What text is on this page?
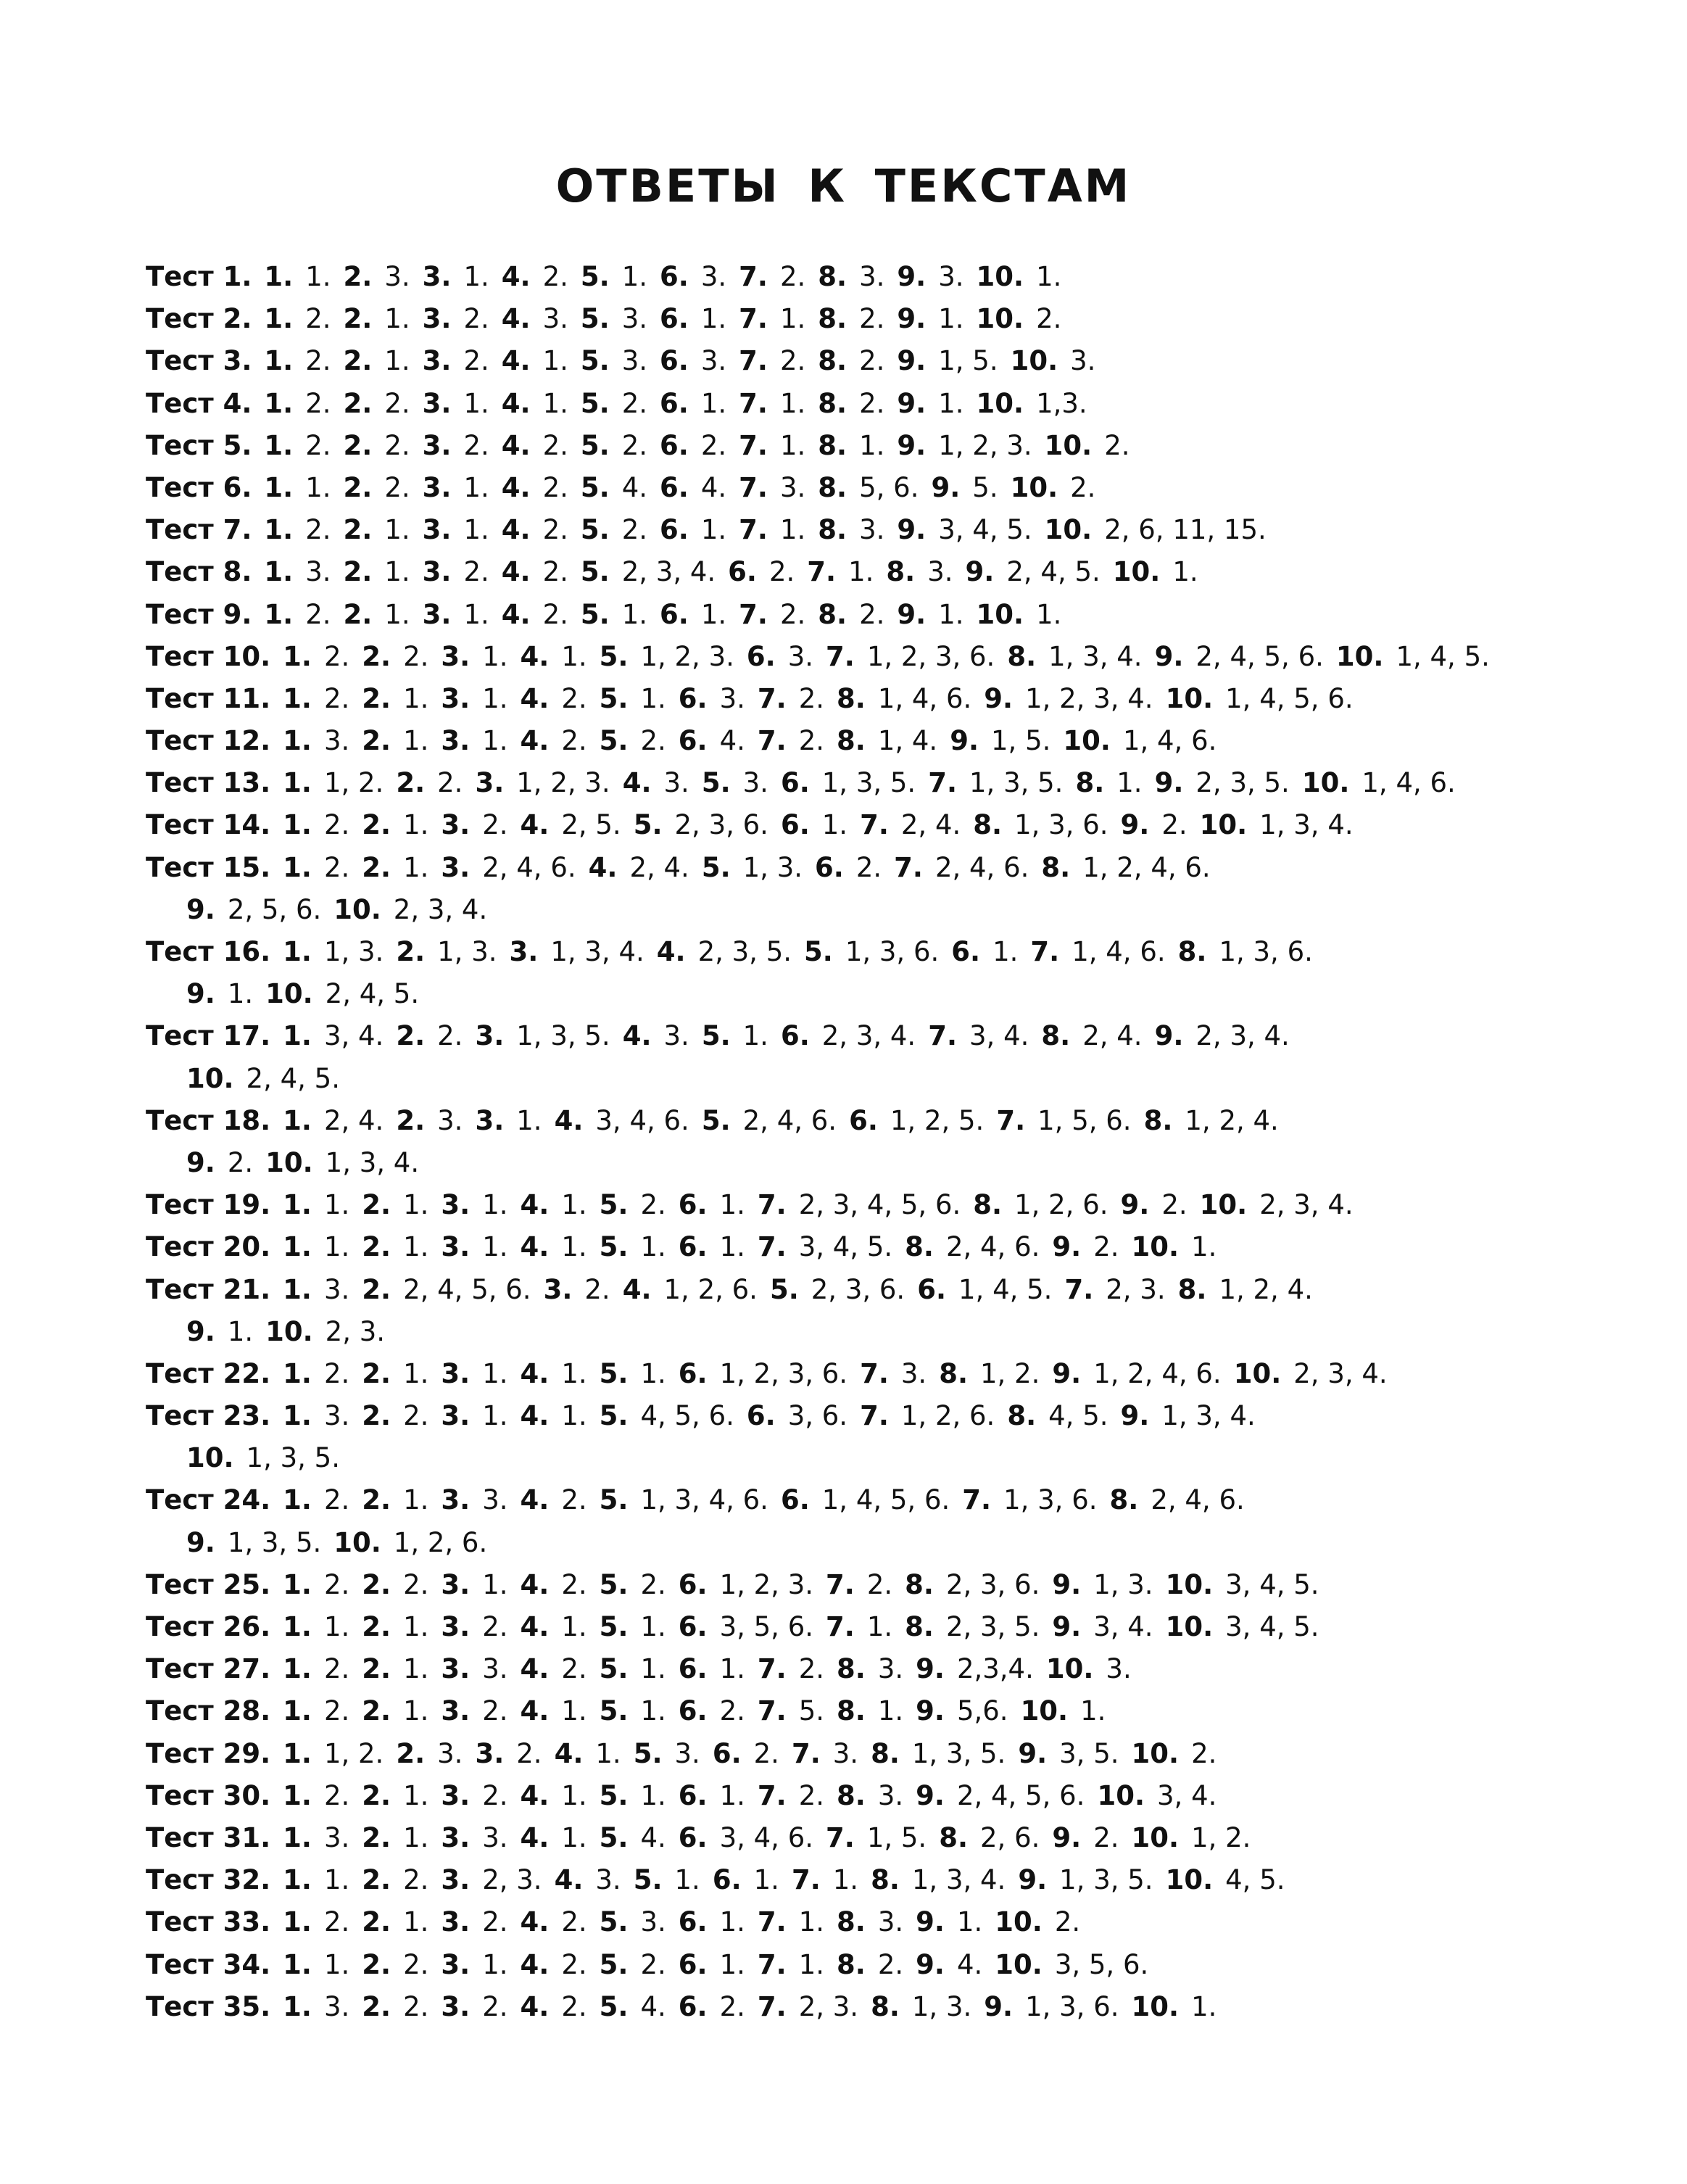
ОТВЕТЫ К ТЕКСТАМ
Тест 1. 1. 1. 2. 3. 3. 1. 4. 2. 5. 1. 6. 3. 7. 2. 8. 3. 9. 3. 10. 1.
Тест 2. 1. 2. 2. 1. 3. 2. 4. 3. 5. 3. 6. 1. 7. 1. 8. 2. 9. 1. 10. 2.
Тест 3. 1. 2. 2. 1. 3. 2. 4. 1. 5. 3. 6. 3. 7. 2. 8. 2. 9. 1, 5. 10. 3.
Тест 4. 1. 2. 2. 2. 3. 1. 4. 1. 5. 2. 6. 1. 7. 1. 8. 2. 9. 1. 10. 1,3.
Тест 5. 1. 2. 2. 2. 3. 2. 4. 2. 5. 2. 6. 2. 7. 1. 8. 1. 9. 1, 2, 3. 10. 2.
Тест 6. 1. 1. 2. 2. 3. 1. 4. 2. 5. 4. 6. 4. 7. 3. 8. 5, 6. 9. 5. 10. 2.
Тест 7. 1. 2. 2. 1. 3. 1. 4. 2. 5. 2. 6. 1. 7. 1. 8. 3. 9. 3, 4, 5. 10. 2, 6, 11, 15.
Тест 8. 1. 3. 2. 1. 3. 2. 4. 2. 5. 2, 3, 4. 6. 2. 7. 1. 8. 3. 9. 2, 4, 5. 10. 1.
Тест 9. 1. 2. 2. 1. 3. 1. 4. 2. 5. 1. 6. 1. 7. 2. 8. 2. 9. 1. 10. 1.
Тест 10. 1. 2. 2. 2. 3. 1. 4. 1. 5. 1, 2, 3. 6. 3. 7. 1, 2, 3, 6. 8. 1, 3, 4. 9. 2, 4, 5, 6. 10. 1, 4, 5.
Тест 11. 1. 2. 2. 1. 3. 1. 4. 2. 5. 1. 6. 3. 7. 2. 8. 1, 4, 6. 9. 1, 2, 3, 4. 10. 1, 4, 5, 6.
Тест 12. 1. 3. 2. 1. 3. 1. 4. 2. 5. 2. 6. 4. 7. 2. 8. 1, 4. 9. 1, 5. 10. 1, 4, 6.
Тест 13. 1. 1, 2. 2. 2. 3. 1, 2, 3. 4. 3. 5. 3. 6. 1, 3, 5. 7. 1, 3, 5. 8. 1. 9. 2, 3, 5. 10. 1, 4, 6.
Тест 14. 1. 2. 2. 1. 3. 2. 4. 2, 5. 5. 2, 3, 6. 6. 1. 7. 2, 4. 8. 1, 3, 6. 9. 2. 10. 1, 3, 4.
Тест 15. 1. 2. 2. 1. 3. 2, 4, 6. 4. 2, 4. 5. 1, 3. 6. 2. 7. 2, 4, 6. 8. 1, 2, 4, 6.
9. 2, 5, 6. 10. 2, 3, 4.
Тест 16. 1. 1, 3. 2. 1, 3. 3. 1, 3, 4. 4. 2, 3, 5. 5. 1, 3, 6. 6. 1. 7. 1, 4, 6. 8. 1, 3, 6.
9. 1. 10. 2, 4, 5.
Тест 17. 1. 3, 4. 2. 2. 3. 1, 3, 5. 4. 3. 5. 1. 6. 2, 3, 4. 7. 3, 4. 8. 2, 4. 9. 2, 3, 4.
10. 2, 4, 5.
Тест 18. 1. 2, 4. 2. 3. 3. 1. 4. 3, 4, 6. 5. 2, 4, 6. 6. 1, 2, 5. 7. 1, 5, 6. 8. 1, 2, 4.
9. 2. 10. 1, 3, 4.
Тест 19. 1. 1. 2. 1. 3. 1. 4. 1. 5. 2. 6. 1. 7. 2, 3, 4, 5, 6. 8. 1, 2, 6. 9. 2. 10. 2, 3, 4.
Тест 20. 1. 1. 2. 1. 3. 1. 4. 1. 5. 1. 6. 1. 7. 3, 4, 5. 8. 2, 4, 6. 9. 2. 10. 1.
Тест 21. 1. 3. 2. 2, 4, 5, 6. 3. 2. 4. 1, 2, 6. 5. 2, 3, 6. 6. 1, 4, 5. 7. 2, 3. 8. 1, 2, 4.
9. 1. 10. 2, 3.
Тест 22. 1. 2. 2. 1. 3. 1. 4. 1. 5. 1. 6. 1, 2, 3, 6. 7. 3. 8. 1, 2. 9. 1, 2, 4, 6. 10. 2, 3, 4.
Тест 23. 1. 3. 2. 2. 3. 1. 4. 1. 5. 4, 5, 6. 6. 3, 6. 7. 1, 2, 6. 8. 4, 5. 9. 1, 3, 4.
10. 1, 3, 5.
Тест 24. 1. 2. 2. 1. 3. 3. 4. 2. 5. 1, 3, 4, 6. 6. 1, 4, 5, 6. 7. 1, 3, 6. 8. 2, 4, 6.
9. 1, 3, 5. 10. 1, 2, 6.
Тест 25. 1. 2. 2. 2. 3. 1. 4. 2. 5. 2. 6. 1, 2, 3. 7. 2. 8. 2, 3, 6. 9. 1, 3. 10. 3, 4, 5.
Тест 26. 1. 1. 2. 1. 3. 2. 4. 1. 5. 1. 6. 3, 5, 6. 7. 1. 8. 2, 3, 5. 9. 3, 4. 10. 3, 4, 5.
Тест 27. 1. 2. 2. 1. 3. 3. 4. 2. 5. 1. 6. 1. 7. 2. 8. 3. 9. 2,3,4. 10. 3.
Тест 28. 1. 2. 2. 1. 3. 2. 4. 1. 5. 1. 6. 2. 7. 5. 8. 1. 9. 5,6. 10. 1.
Тест 29. 1. 1, 2. 2. 3. 3. 2. 4. 1. 5. 3. 6. 2. 7. 3. 8. 1, 3, 5. 9. 3, 5. 10. 2.
Тест 30. 1. 2. 2. 1. 3. 2. 4. 1. 5. 1. 6. 1. 7. 2. 8. 3. 9. 2, 4, 5, 6. 10. 3, 4.
Тест 31. 1. 3. 2. 1. 3. 3. 4. 1. 5. 4. 6. 3, 4, 6. 7. 1, 5. 8. 2, 6. 9. 2. 10. 1, 2.
Тест 32. 1. 1. 2. 2. 3. 2, 3. 4. 3. 5. 1. 6. 1. 7. 1. 8. 1, 3, 4. 9. 1, 3, 5. 10. 4, 5.
Тест 33. 1. 2. 2. 1. 3. 2. 4. 2. 5. 3. 6. 1. 7. 1. 8. 3. 9. 1. 10. 2.
Тест 34. 1. 1. 2. 2. 3. 1. 4. 2. 5. 2. 6. 1. 7. 1. 8. 2. 9. 4. 10. 3, 5, 6.
Тест 35. 1. 3. 2. 2. 3. 2. 4. 2. 5. 4. 6. 2. 7. 2, 3. 8. 1, 3. 9. 1, 3, 6. 10. 1.
